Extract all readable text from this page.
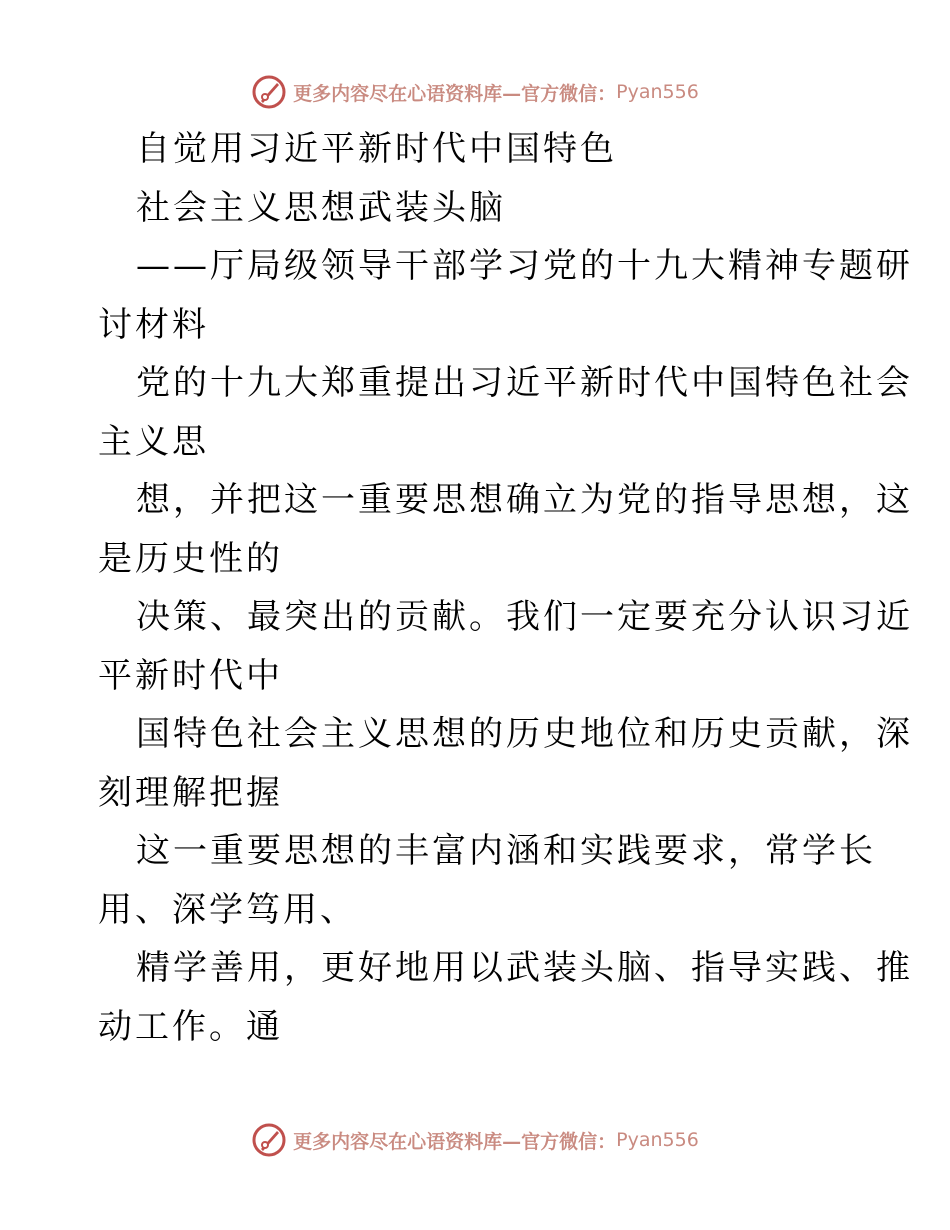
更多内容尽在心语资料库—官方微信： Pyan556
自觉用习近平新时代中国特色
社会主义思想武装头脑
——厅局级领导干部学习党的十九大精神专题研
讨材料
党的十九大郑重提出习近平新时代中国特色社会
主义思
想，并把这一重要思想确立为党的指导思想，这
是历史性的
决策、最突出的贡献。我们一定要充分认识习近
平新时代中
国特色社会主义思想的历史地位和历史贡献，深
刻理解把握
这一重要思想的丰富内涵和实践要求，常学长
用、深学笃用、
精学善用，更好地用以武装头脑、指导实践、推
动工作。通
更多内容尽在心语资料库—官方微信： Pyan556
